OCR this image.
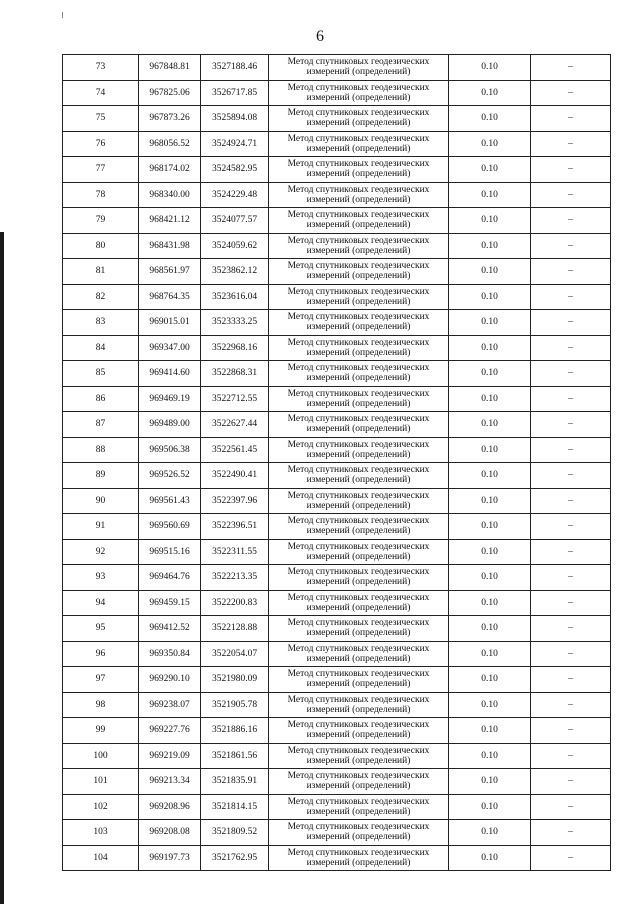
6
73	967848.81	3527188.46	Метод спутниковых геодезических
измерений (определений)	0.10	–
74	967825.06	3526717.85	Метод спутниковых геодезических
измерений (определений)	0.10	–
75	967873.26	3525894.08	Метод спутниковых геодезических
измерений (определений)	0.10	–
76	968056.52	3524924.71	Метод спутниковых геодезических
измерений (определений)	0.10	–
77	968174.02	3524582.95	Метод спутниковых геодезических
измерений (определений)	0.10	–
78	968340.00	3524229.48	Метод спутниковых геодезических
измерений (определений)	0.10	–
79	968421.12	3524077.57	Метод спутниковых геодезических
измерений (определений)	0.10	–
80	968431.98	3524059.62	Метод спутниковых геодезических
измерений (определений)	0.10	–
81	968561.97	3523862.12	Метод спутниковых геодезических
измерений (определений)	0.10	–
82	968764.35	3523616.04	Метод спутниковых геодезических
измерений (определений)	0.10	–
83	969015.01	3523333.25	Метод спутниковых геодезических
измерений (определений)	0.10	–
84	969347.00	3522968.16	Метод спутниковых геодезических
измерений (определений)	0.10	–
85	969414.60	3522868.31	Метод спутниковых геодезических
измерений (определений)	0.10	–
86	969469.19	3522712.55	Метод спутниковых геодезических
измерений (определений)	0.10	–
87	969489.00	3522627.44	Метод спутниковых геодезических
измерений (определений)	0.10	–
88	969506.38	3522561.45	Метод спутниковых геодезических
измерений (определений)	0.10	–
89	969526.52	3522490.41	Метод спутниковых геодезических
измерений (определений)	0.10	–
90	969561.43	3522397.96	Метод спутниковых геодезических
измерений (определений)	0.10	–
91	969560.69	3522396.51	Метод спутниковых геодезических
измерений (определений)	0.10	–
92	969515.16	3522311.55	Метод спутниковых геодезических
измерений (определений)	0.10	–
93	969464.76	3522213.35	Метод спутниковых геодезических
измерений (определений)	0.10	–
94	969459.15	3522200.83	Метод спутниковых геодезических
измерений (определений)	0.10	–
95	969412.52	3522128.88	Метод спутниковых геодезических
измерений (определений)	0.10	–
96	969350.84	3522054.07	Метод спутниковых геодезических
измерений (определений)	0.10	–
97	969290.10	3521980.09	Метод спутниковых геодезических
измерений (определений)	0.10	–
98	969238.07	3521905.78	Метод спутниковых геодезических
измерений (определений)	0.10	–
99	969227.76	3521886.16	Метод спутниковых геодезических
измерений (определений)	0.10	–
100	969219.09	3521861.56	Метод спутниковых геодезических
измерений (определений)	0.10	–
101	969213.34	3521835.91	Метод спутниковых геодезических
измерений (определений)	0.10	–
102	969208.96	3521814.15	Метод спутниковых геодезических
измерений (определений)	0.10	–
103	969208.08	3521809.52	Метод спутниковых геодезических
измерений (определений)	0.10	–
104	969197.73	3521762.95	Метод спутниковых геодезических
измерений (определений)	0.10	–
